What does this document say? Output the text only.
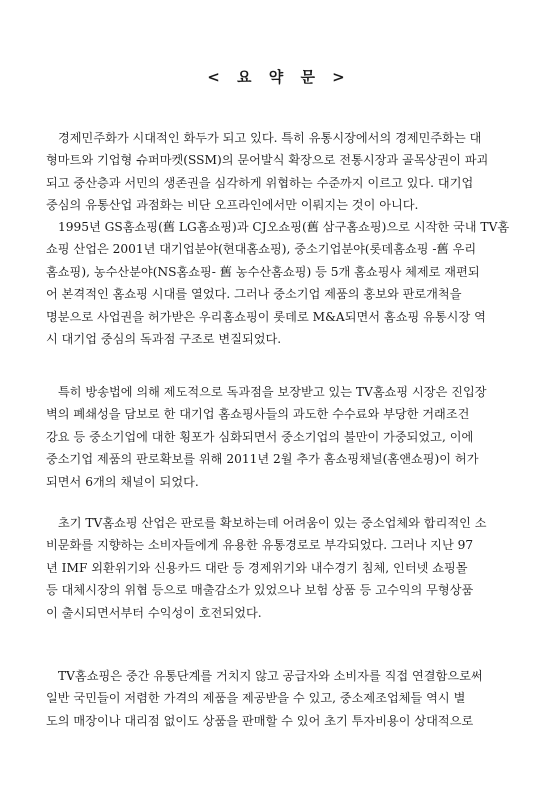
< 요 약 문 >
경제민주화가 시대적인 화두가 되고 있다. 특히 유통시장에서의 경제민주화는 대
형마트와 기업형 슈퍼마켓(SSM)의 문어발식 확장으로 전통시장과 골목상권이 파괴
되고 중산층과 서민의 생존권을 심각하게 위협하는 수준까지 이르고 있다. 대기업
중심의 유통산업 과점화는 비단 오프라인에서만 이뤄지는 것이 아니다.
1995년 GS홈쇼핑(舊 LG홈쇼핑)과 CJ오쇼핑(舊 삼구홈쇼핑)으로 시작한 국내 TV홈
쇼핑 산업은 2001년 대기업분야(현대홈쇼핑), 중소기업분야(롯데홈쇼핑 -舊 우리
홈쇼핑), 농수산분야(NS홈쇼핑- 舊 농수산홈쇼핑) 등 5개 홈쇼핑사 체제로 재편되
어 본격적인 홈쇼핑 시대를 열었다. 그러나 중소기업 제품의 홍보와 판로개척을
명분으로 사업권을 허가받은 우리홈쇼핑이 롯데로 M&A되면서 홈쇼핑 유통시장 역
시 대기업 중심의 독과점 구조로 변질되었다.
특히 방송법에 의해 제도적으로 독과점을 보장받고 있는 TV홈쇼핑 시장은 진입장
벽의 폐쇄성을 담보로 한 대기업 홈쇼핑사들의 과도한 수수료와 부당한 거래조건
강요 등 중소기업에 대한 횡포가 심화되면서 중소기업의 불만이 가중되었고, 이에
중소기업 제품의 판로확보를 위해 2011년 2월 추가 홈쇼핑채널(홈앤쇼핑)이 허가
되면서 6개의 채널이 되었다.
초기 TV홈쇼핑 산업은 판로를 확보하는데 어려움이 있는 중소업체와 합리적인 소
비문화를 지향하는 소비자들에게 유용한 유통경로로 부각되었다. 그러나 지난 97
년 IMF 외환위기와 신용카드 대란 등 경제위기와 내수경기 침체, 인터넷 쇼핑몰
등 대체시장의 위협 등으로 매출감소가 있었으나 보험 상품 등 고수익의 무형상품
이 출시되면서부터 수익성이 호전되었다.
TV홈쇼핑은 중간 유통단계를 거치지 않고 공급자와 소비자를 직접 연결함으로써
일반 국민들이 저렴한 가격의 제품을 제공받을 수 있고, 중소제조업체들 역시 별
도의 매장이나 대리점 없이도 상품을 판매할 수 있어 초기 투자비용이 상대적으로
